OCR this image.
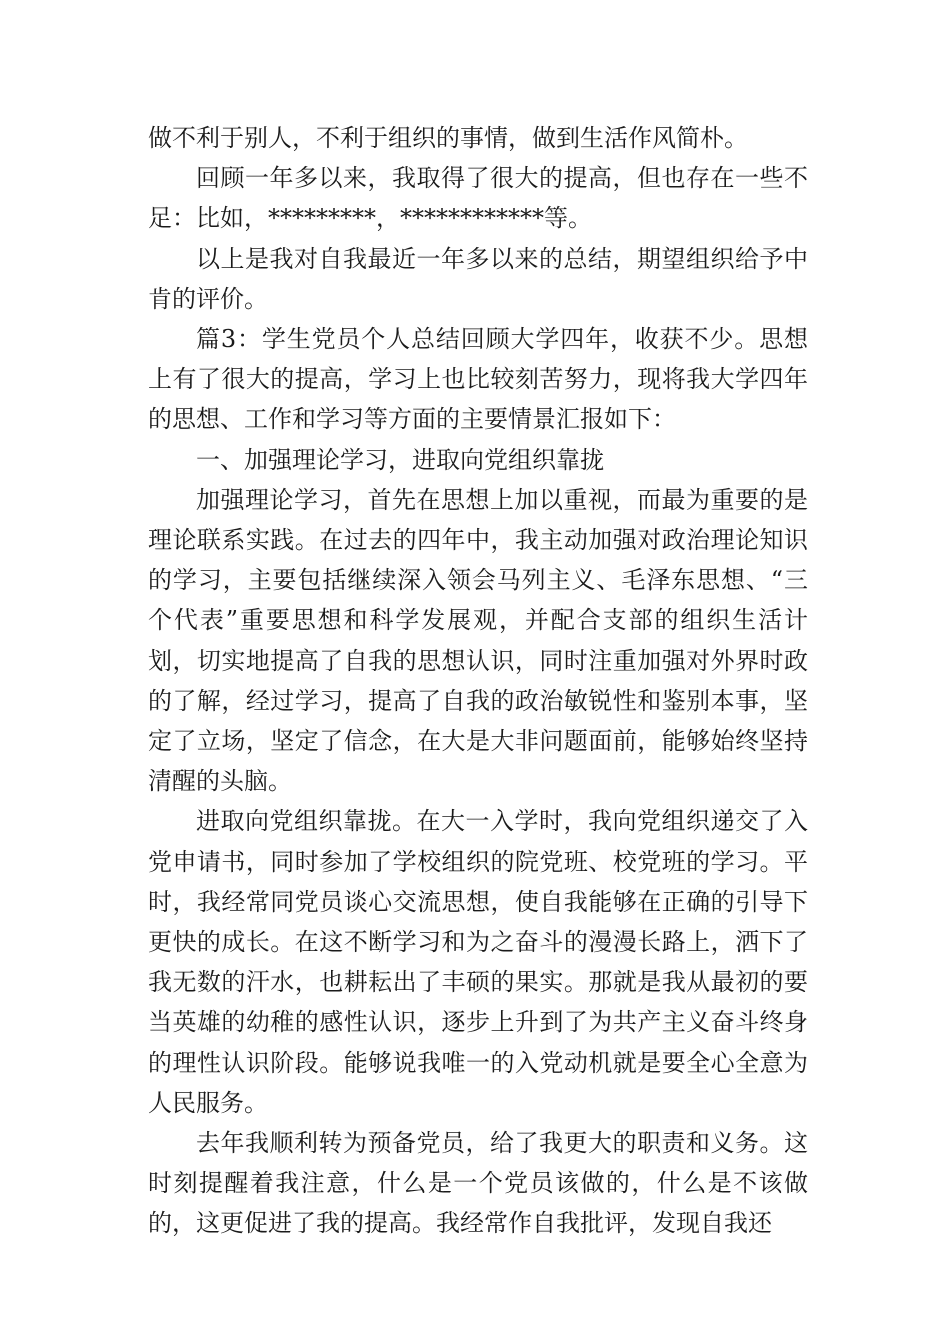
做不利于别人，不利于组织的事情，做到生活作风简朴。

回顾一年多以来，我取得了很大的提高，但也存在一些不足：比如，*********，************等。

以上是我对自我最近一年多以来的总结，期望组织给予中肯的评价。

篇3：学生党员个人总结回顾大学四年，收获不少。思想上有了很大的提高，学习上也比较刻苦努力，现将我大学四年的思想、工作和学习等方面的主要情景汇报如下：

一、加强理论学习，进取向党组织靠拢

加强理论学习，首先在思想上加以重视，而最为重要的是理论联系实践。在过去的四年中，我主动加强对政治理论知识的学习，主要包括继续深入领会马列主义、毛泽东思想、“三个代表”重要思想和科学发展观，并配合支部的组织生活计划，切实地提高了自我的思想认识，同时注重加强对外界时政的了解，经过学习，提高了自我的政治敏锐性和鉴别本事，坚定了立场，坚定了信念，在大是大非问题面前，能够始终坚持清醒的头脑。

进取向党组织靠拢。在大一入学时，我向党组织递交了入党申请书，同时参加了学校组织的院党班、校党班的学习。平时，我经常同党员谈心交流思想，使自我能够在正确的引导下更快的成长。在这不断学习和为之奋斗的漫漫长路上，洒下了我无数的汗水，也耕耘出了丰硕的果实。那就是我从最初的要当英雄的幼稚的感性认识，逐步上升到了为共产主义奋斗终身的理性认识阶段。能够说我唯一的入党动机就是要全心全意为人民服务。

去年我顺利转为预备党员，给了我更大的职责和义务。这时刻提醒着我注意，什么是一个党员该做的，什么是不该做的，这更促进了我的提高。我经常作自我批评，发现自我还
